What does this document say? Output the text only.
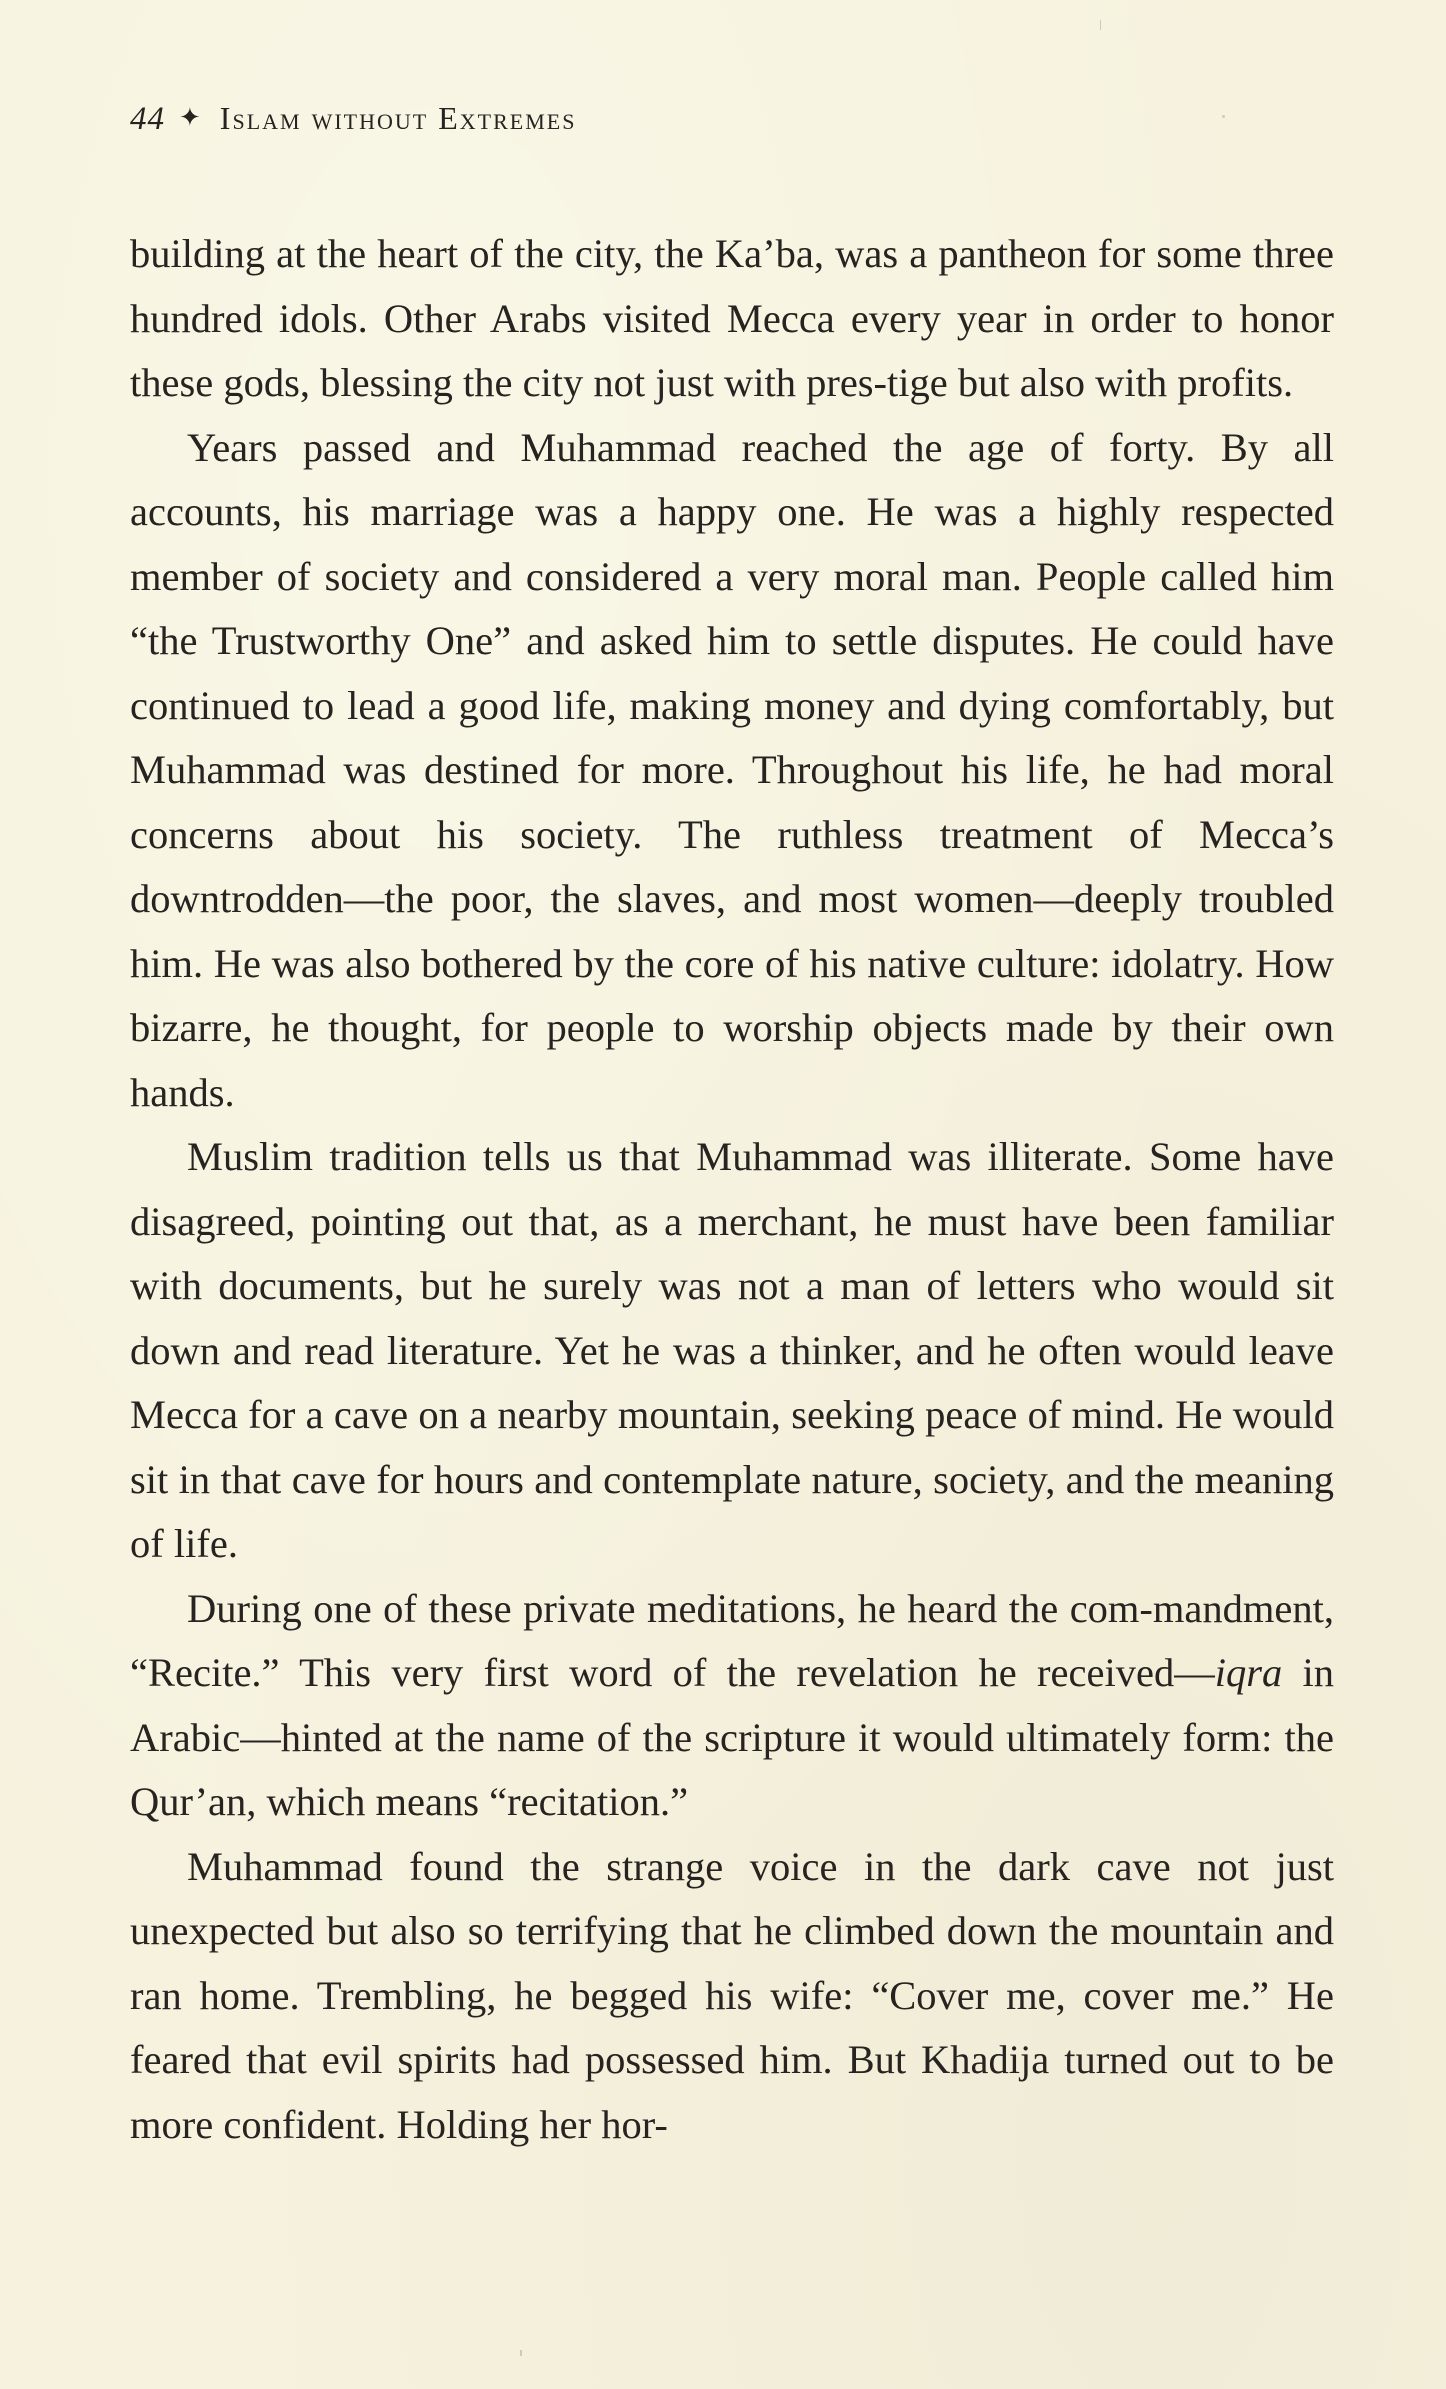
44 ✦ Islam without Extremes

building at the heart of the city, the Ka’ba, was a pantheon for some three hundred idols. Other Arabs visited Mecca every year in order to honor these gods, blessing the city not just with pres-tige but also with profits.

Years passed and Muhammad reached the age of forty. By all accounts, his marriage was a happy one. He was a highly respected member of society and considered a very moral man. People called him “the Trustworthy One” and asked him to settle disputes. He could have continued to lead a good life, making money and dying comfortably, but Muhammad was destined for more. Throughout his life, he had moral concerns about his society. The ruthless treatment of Mecca’s downtrodden—the poor, the slaves, and most women—deeply troubled him. He was also bothered by the core of his native culture: idolatry. How bizarre, he thought, for people to worship objects made by their own hands.

Muslim tradition tells us that Muhammad was illiterate. Some have disagreed, pointing out that, as a merchant, he must have been familiar with documents, but he surely was not a man of letters who would sit down and read literature. Yet he was a thinker, and he often would leave Mecca for a cave on a nearby mountain, seeking peace of mind. He would sit in that cave for hours and contemplate nature, society, and the meaning of life.

During one of these private meditations, he heard the com-mandment, “Recite.” This very first word of the revelation he received—iqra in Arabic—hinted at the name of the scripture it would ultimately form: the Qur’an, which means “recitation.”

Muhammad found the strange voice in the dark cave not just unexpected but also so terrifying that he climbed down the mountain and ran home. Trembling, he begged his wife: “Cover me, cover me.” He feared that evil spirits had possessed him. But Khadija turned out to be more confident. Holding her hor-
